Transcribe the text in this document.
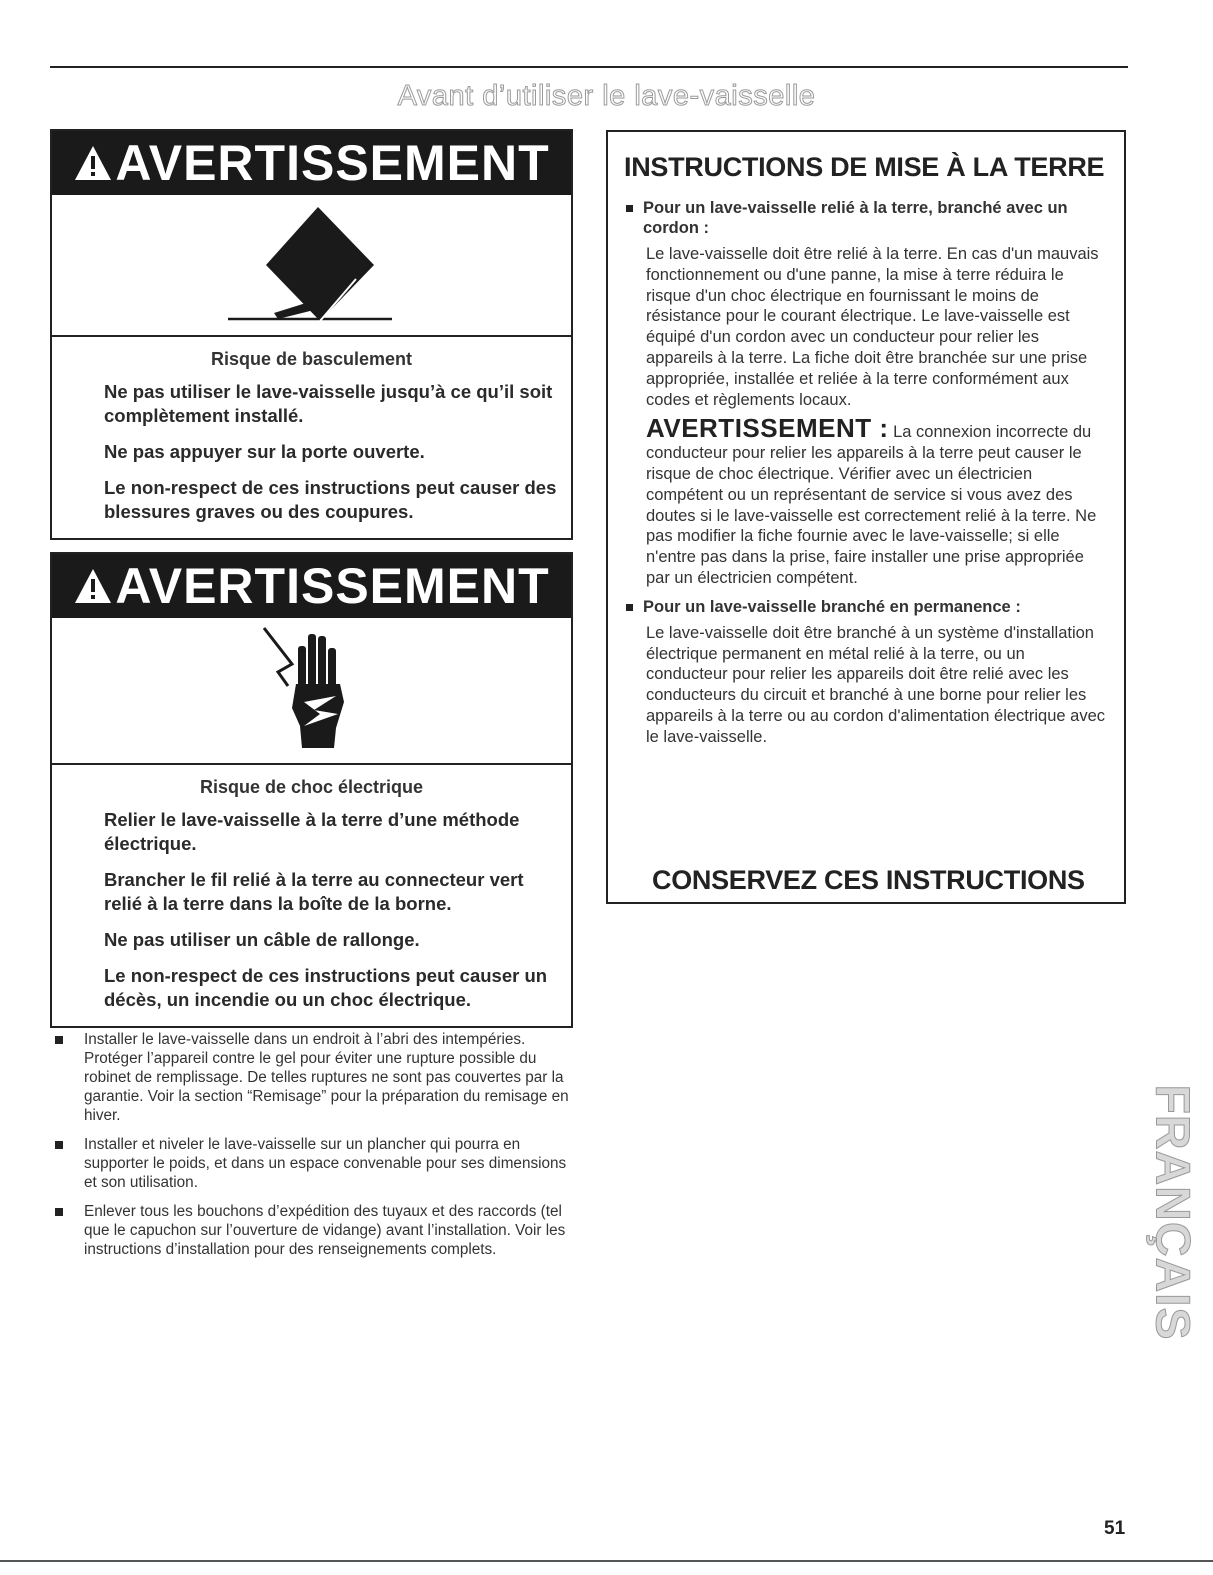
Avant d’utiliser le lave-vaisselle
AVERTISSEMENT
Risque de basculement

Ne pas utiliser le lave-vaisselle jusqu’à ce qu’il soit complètement installé.

Ne pas appuyer sur la porte ouverte.

Le non-respect de ces instructions peut causer des blessures graves ou des coupures.

AVERTISSEMENT
Risque de choc électrique

Relier le lave-vaisselle à la terre d’une méthode électrique.

Brancher le fil relié à la terre au connecteur vert relié à la terre dans la boîte de la borne.

Ne pas utiliser un câble de rallonge.

Le non-respect de ces instructions peut causer un décès, un incendie ou un choc électrique.

Installer le lave-vaisselle dans un endroit à l’abri des intempéries. Protéger l’appareil contre le gel pour éviter une rupture possible du robinet de remplissage. De telles ruptures ne sont pas couvertes par la garantie. Voir la section “Remisage” pour la préparation du remisage en hiver.
Installer et niveler le lave-vaisselle sur un plancher qui pourra en supporter le poids, et dans un espace convenable pour ses dimensions et son utilisation.
Enlever tous les bouchons d’expédition des tuyaux et des raccords (tel que le capuchon sur l’ouverture de vidange) avant l’installation. Voir les instructions d’installation pour des renseignements complets.
INSTRUCTIONS DE MISE À LA TERRE
Pour un lave-vaisselle relié à la terre, branché avec un cordon :
Le lave-vaisselle doit être relié à la terre. En cas d'un mauvais fonctionnement ou d'une panne, la mise à terre réduira le risque d'un choc électrique en fournissant le moins de résistance pour le courant électrique. Le lave-vaisselle est équipé d'un cordon avec un conducteur pour relier les appareils à la terre. La fiche doit être branchée sur une prise appropriée, installée et reliée à la terre conformément aux codes et règlements locaux.
AVERTISSEMENT : La connexion incorrecte du conducteur pour relier les appareils à la terre peut causer le risque de choc électrique. Vérifier avec un électricien compétent ou un représentant de service si vous avez des doutes si le lave-vaisselle est correctement relié à la terre. Ne pas modifier la fiche fournie avec le lave-vaisselle; si elle n'entre pas dans la prise, faire installer une prise appropriée par un électricien compétent.
Pour un lave-vaisselle branché en permanence :
Le lave-vaisselle doit être branché à un système d'installation électrique permanent en métal relié à la terre, ou un conducteur pour relier les appareils doit être relié avec les conducteurs du circuit et branché à une borne pour relier les appareils à la terre ou au cordon d'alimentation électrique avec le lave-vaisselle.
CONSERVEZ CES INSTRUCTIONS
FRANÇAIS
51
